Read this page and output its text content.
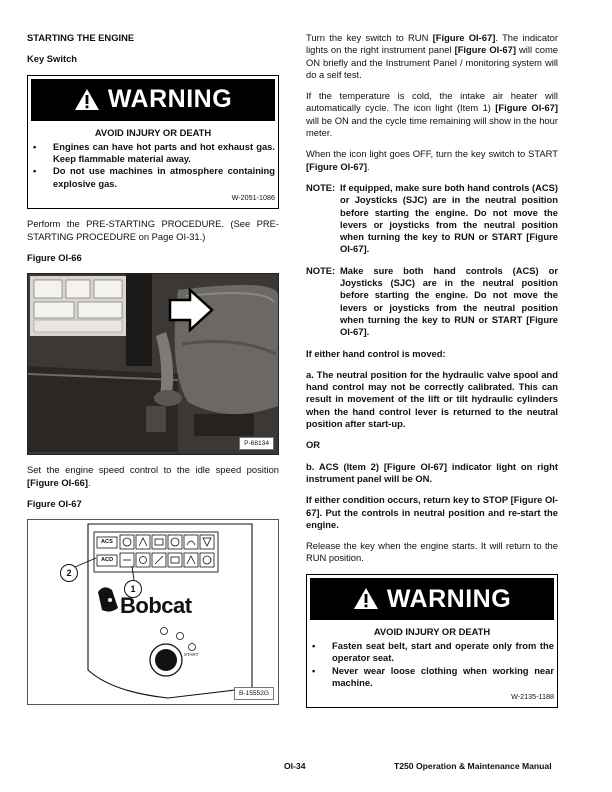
STARTING THE ENGINE
Key Switch
WARNING
AVOID INJURY OR DEATH
• Engines can have hot parts and hot exhaust gas. Keep flammable material away.
• Do not use machines in atmosphere containing explosive gas.
W-2051-1086

Perform the PRE-STARTING PROCEDURE. (See PRE-STARTING PROCEDURE on Page OI-31.)

Figure OI-66
P-68134

Set the engine speed control to the idle speed position [Figure OI-66].

Figure OI-67
ACS
ACD
2
1
Bobcat
START
B-15552G

Turn the key switch to RUN [Figure OI-67]. The indicator lights on the right instrument panel [Figure OI-67] will come ON briefly and the Instrument Panel / monitoring system will do a self test.

If the temperature is cold, the intake air heater will automatically cycle. The icon light (Item 1) [Figure OI-67] will be ON and the cycle time remaining will show in the hour meter.

When the icon light goes OFF, turn the key switch to START [Figure OI-67].

NOTE: If equipped, make sure both hand controls (ACS) or Joysticks (SJC) are in the neutral position before starting the engine. Do not move the levers or joysticks from the neutral position when turning the key to RUN or START [Figure OI-67].
NOTE: Make sure both hand controls (ACS) or Joysticks (SJC) are in the neutral position before starting the engine. Do not move the levers or joysticks from the neutral position when turning the key to RUN or START [Figure OI-67].

If either hand control is moved:

a. The neutral position for the hydraulic valve spool and hand control may not be correctly calibrated. This can result in movement of the lift or tilt hydraulic cylinders when the hand control lever is returned to the neutral position after start-up.

OR

b. ACS (Item 2) [Figure OI-67] indicator light on right instrument panel will be ON.

If either condition occurs, return key to STOP [Figure OI-67]. Put the controls in neutral position and re-start the engine.

Release the key when the engine starts. It will return to the RUN position.

WARNING
AVOID INJURY OR DEATH
• Fasten seat belt, start and operate only from the operator seat.
• Never wear loose clothing when working near machine.
W-2135-1188
OI-34	T250 Operation & Maintenance Manual
